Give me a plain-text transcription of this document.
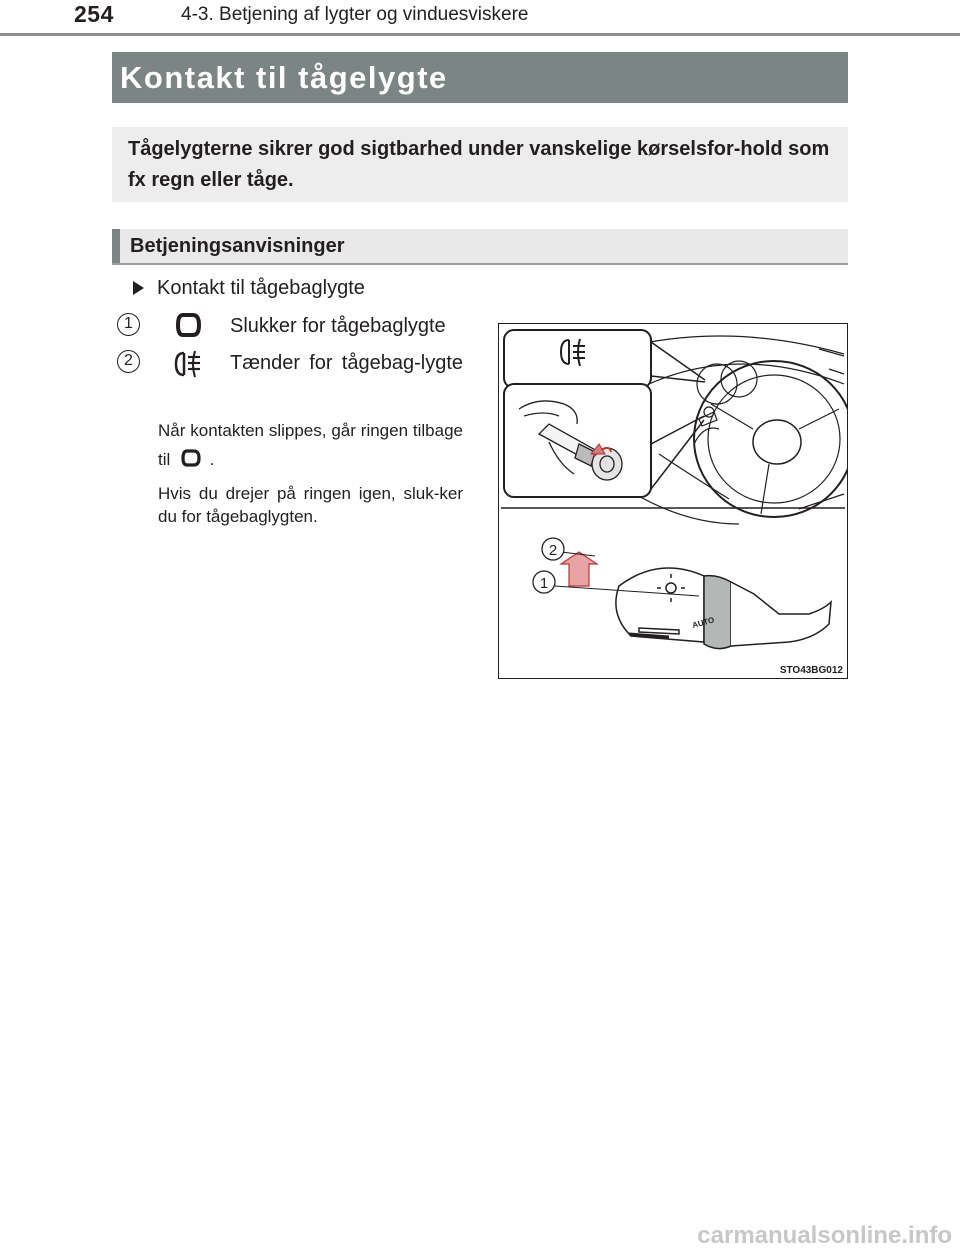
254	4-3. Betjening af lygter og vinduesviskere
Kontakt til tågelygte
Tågelygterne sikrer god sigtbarhed under vanskelige kørselsfor-hold som fx regn eller tåge.
Betjeningsanvisninger
Kontakt til tågebaglygte
1	Slukker for tågebaglygte
2	Tænder for tågebag-lygte
Når kontakten slippes, går ringen tilbage til .
Hvis du drejer på ringen igen, sluk-ker du for tågebaglygten.
AUTO
2
1
STO43BG012
carmanualsonline.info
